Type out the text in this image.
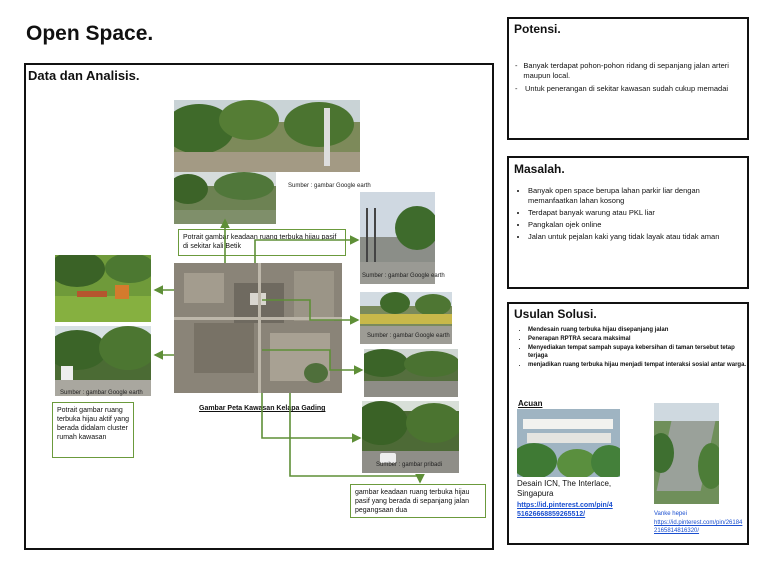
Open Space.
Data dan Analisis.
Sumber : gambar Google earth
Potrait gambar keadaan ruang terbuka hijau pasif di sekitar kali Betik
Sumber : gambar Google earth
Sumber : gambar Google earth
Sumber : gambar pribadi
Sumber : gambar Google earth
Gambar Peta Kawasan Kelapa Gading
Potrait gambar ruang terbuka hijau aktif yang berada didalam cluster rumah kawasan
gambar keadaan ruang terbuka hijau pasif yang berada di sepanjang jalan pegangsaan dua
Potensi.
- Banyak terdapat pohon-pohon ridang di sepanjang jalan arteri maupun local.
-	Untuk penerangan di sekitar kawasan sudah cukup memadai
Masalah.
• Banyak open space berupa lahan parkir liar dengan memanfaatkan lahan kosong
• Terdapat banyak warung atau PKL liar
• Pangkalan ojek online
• Jalan untuk pejalan kaki yang tidak layak atau tidak aman
Usulan Solusi.
• Mendesain ruang terbuka hijau disepanjang jalan
• Penerapan RPTRA secara maksimal
• Menyediakan tempat sampah supaya kebersihan di taman tersebut tetap terjaga
• menjadikan ruang terbuka hijau menjadi tempat interaksi sosial antar warga.
Acuan
Desain ICN, The Interlace, Singapura
https://id.pinterest.com/pin/451626668859265512/	Vanke hepei
https://id.pinterest.com/pin/261842165814816320/
